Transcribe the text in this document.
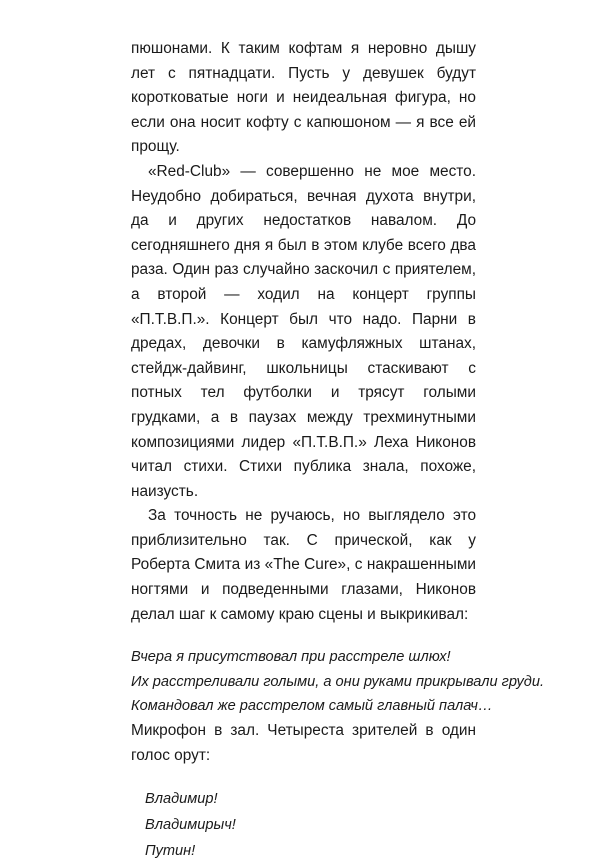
пюшонами. К таким кофтам я неровно дышу лет с пятнадцати. Пусть у девушек будут коротковатые ноги и неидеальная фигура, но если она носит кофту с капюшоном — я все ей прощу.

«Red-Club» — совершенно не мое место. Неудобно добираться, вечная духота внутри, да и других недостатков навалом. До сегодняшнего дня я был в этом клубе всего два раза. Один раз случайно заскочил с приятелем, а второй — ходил на концерт группы «П.Т.В.П.». Концерт был что надо. Парни в дредах, девочки в камуфляжных штанах, стейдж-дайвинг, школьницы стаскивают с потных тел футболки и трясут голыми грудками, а в паузах между трехминутными композициями лидер «П.Т.В.П.» Леха Никонов читал стихи. Стихи публика знала, похоже, наизусть.

За точность не ручаюсь, но выглядело это приблизительно так. С прической, как у Роберта Смита из «The Cure», с накрашенными ногтями и подведенными глазами, Никонов делал шаг к самому краю сцены и выкрикивал:

Вчера я присутствовал при расстреле шлюх!
Их расстреливали голыми, а они руками прикрывали груди.
Командовал же расстрелом самый главный палач…

Микрофон в зал. Четыреста зрителей в один голос орут:

Владимир!
Владимирыч!
Путин!
